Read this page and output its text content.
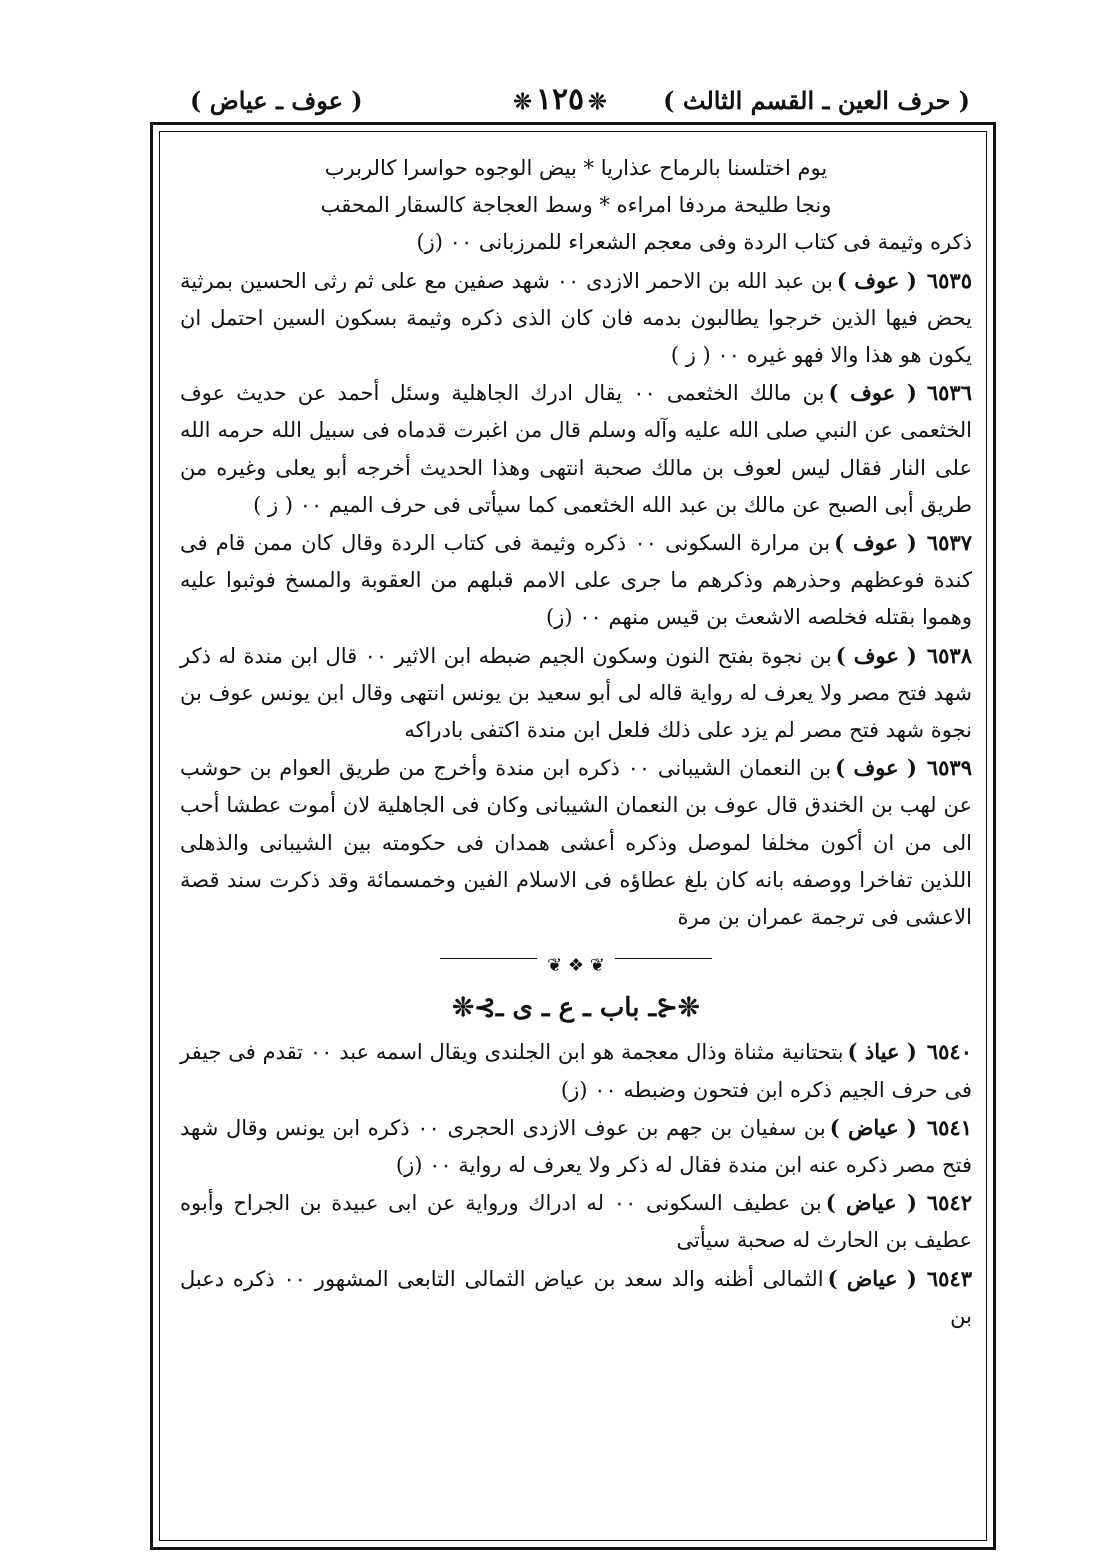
( حرف العين ـ القسم الثالث )
❊١٢٥❊
( عوف ـ عياض )
يوم اختلسنا بالرماح عذاريا * بيض الوجوه حواسرا كالربرب
ونجا طليحة مردفا امراءه * وسط العجاجة كالسقار المحقب

ذكره وثيمة فى كتاب الردة وفى معجم الشعراء للمرزبانى ٠٠ (ز)

٦٥٣٥( عوف )بن عبد الله بن الاحمر الازدى ٠٠ شهد صفين مع على ثم رثى الحسين بمرثية يحض فيها الذين خرجوا يطالبون بدمه فان كان الذى ذكره وثيمة بسكون السين احتمل ان يكون هو هذا والا فهو غيره ٠٠ ( ز )

٦٥٣٦( عوف )بن مالك الخثعمى ٠٠ يقال ادرك الجاهلية وسئل أحمد عن حديث عوف الخثعمى عن النبي صلى الله عليه وآله وسلم قال من اغبرت قدماه فى سبيل الله حرمه الله على النار فقال ليس لعوف بن مالك صحبة انتهى وهذا الحديث أخرجه أبو يعلى وغيره من طريق أبى الصبح عن مالك بن عبد الله الخثعمى كما سيأتى فى حرف الميم ٠٠ ( ز )

٦٥٣٧( عوف )بن مرارة السكونى ٠٠ ذكره وثيمة فى كتاب الردة وقال كان ممن قام فى كندة فوعظهم وحذرهم وذكرهم ما جرى على الامم قبلهم من العقوبة والمسخ فوثبوا عليه وهموا بقتله فخلصه الاشعث بن قيس منهم ٠٠ (ز)

٦٥٣٨( عوف )بن نجوة بفتح النون وسكون الجيم ضبطه ابن الاثير ٠٠ قال ابن مندة له ذكر شهد فتح مصر ولا يعرف له رواية قاله لى أبو سعيد بن يونس انتهى وقال ابن يونس عوف بن نجوة شهد فتح مصر لم يزد على ذلك فلعل ابن مندة اكتفى بادراكه

٦٥٣٩( عوف )بن النعمان الشيبانى ٠٠ ذكره ابن مندة وأخرج من طريق العوام بن حوشب عن لهب بن الخندق قال عوف بن النعمان الشيبانى وكان فى الجاهلية لان أموت عطشا أحب الى من ان أكون مخلفا لموصل وذكره أعشى همدان فى حكومته بين الشيبانى والذهلى اللذين تفاخرا ووصفه بانه كان بلغ عطاؤه فى الاسلام الفين وخمسمائة وقد ذكرت سند قصة الاعشى فى ترجمة عمران بن مرة

❦ ❖ ❦
❊⊰ـ باب ـ ع ـ ى ـ⊱❊

٦٥٤٠( عياذ )بتحتانية مثناة وذال معجمة هو ابن الجلندى ويقال اسمه عبد ٠٠ تقدم فى جيفر فى حرف الجيم ذكره ابن فتحون وضبطه ٠٠ (ز)

٦٥٤١( عياض )بن سفيان بن جهم بن عوف الازدى الحجرى ٠٠ ذكره ابن يونس وقال شهد فتح مصر ذكره عنه ابن مندة فقال له ذكر ولا يعرف له رواية ٠٠ (ز)

٦٥٤٢( عياض )بن عطيف السكونى ٠٠ له ادراك ورواية عن ابى عبيدة بن الجراح وأبوه عطيف بن الحارث له صحبة سيأتى

٦٥٤٣( عياض )الثمالى أظنه والد سعد بن عياض الثمالى التابعى المشهور ٠٠ ذكره دعبل بن
